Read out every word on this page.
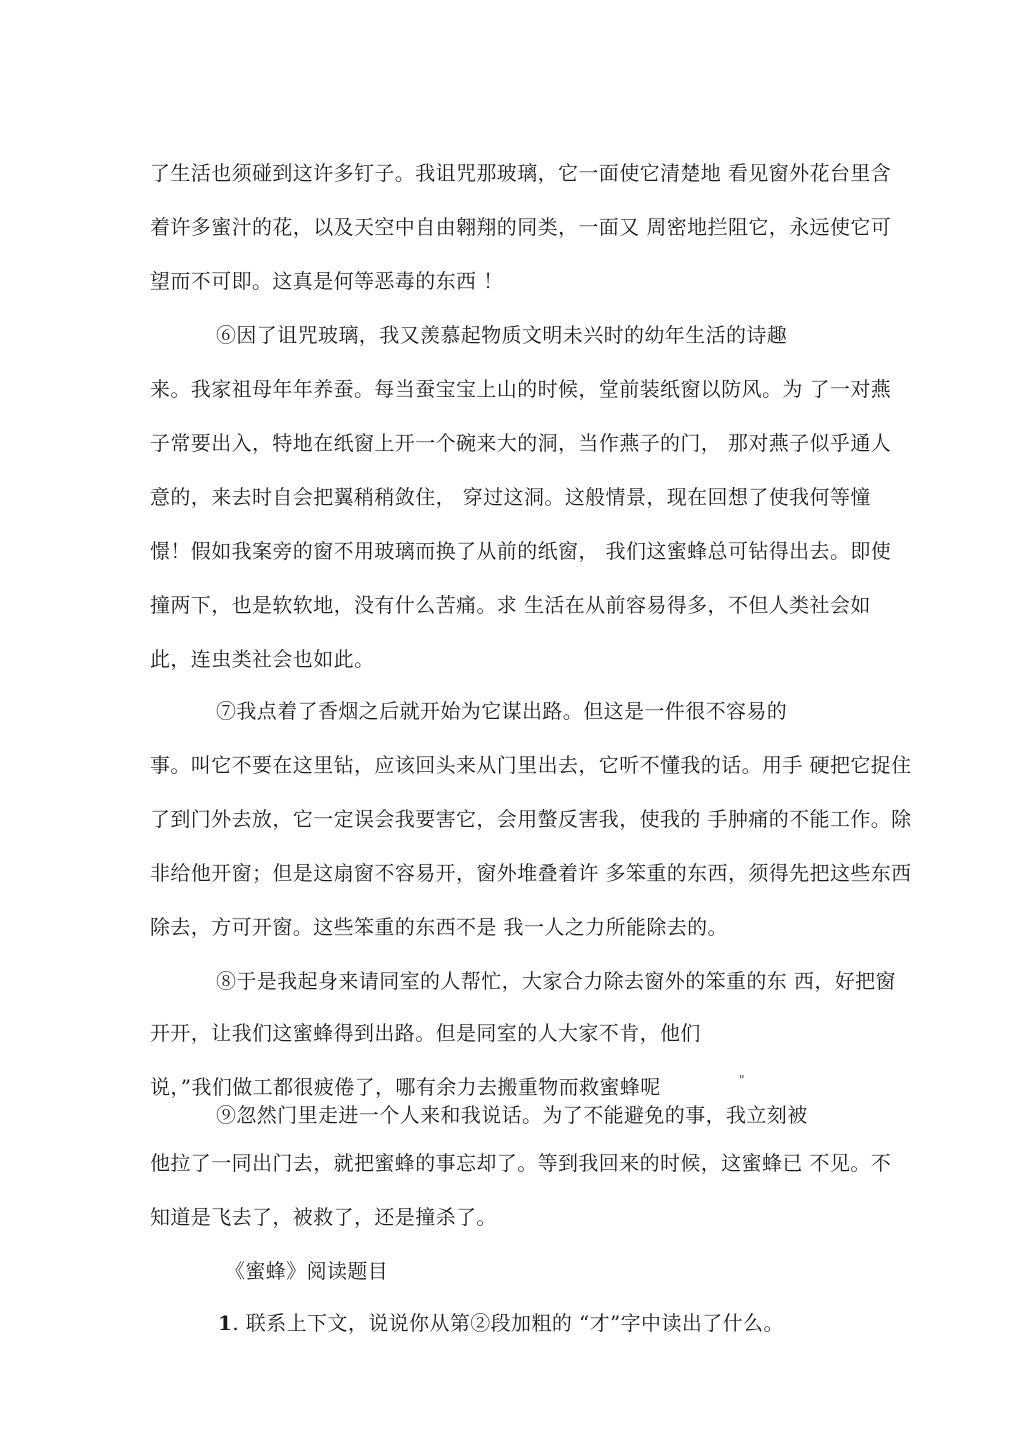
了生活也须碰到这许多钉子。我诅咒那玻璃，它一面使它清楚地 看见窗外花台里含
着许多蜜汁的花，以及天空中自由翱翔的同类，一面又 周密地拦阻它，永远使它可
望而不可即。这真是何等恶毒的东西 ！
⑥因了诅咒玻璃，我又羡慕起物质文明未兴时的幼年生活的诗趣
来。我家祖母年年养蚕。每当蚕宝宝上山的时候，堂前装纸窗以防风。为 了一对燕
子常要出入，特地在纸窗上开一个碗来大的洞，当作燕子的门， 那对燕子似乎通人
意的，来去时自会把翼稍稍敛住， 穿过这洞。这般情景，现在回想了使我何等憧
憬！假如我案旁的窗不用玻璃而换了从前的纸窗， 我们这蜜蜂总可钻得出去。即使
撞两下，也是软软地，没有什么苦痛。求 生活在从前容易得多，不但人类社会如
此，连虫类社会也如此。
⑦我点着了香烟之后就开始为它谋出路。但这是一件很不容易的
事。叫它不要在这里钻，应该回头来从门里出去，它听不懂我的话。用手 硬把它捉住
了到门外去放，它一定误会我要害它，会用螫反害我，使我的 手肿痛的不能工作。除
非给他开窗；但是这扇窗不容易开，窗外堆叠着许 多笨重的东西，须得先把这些东西
除去，方可开窗。这些笨重的东西不是 我一人之力所能除去的。
⑧于是我起身来请同室的人帮忙，大家合力除去窗外的笨重的东 西，好把窗
开开，让我们这蜜蜂得到出路。但是同室的人大家不肯，他们
说，”我们做工都很疲倦了，哪有余力去搬重物而救蜜蜂呢	"
⑨忽然门里走进一个人来和我说话。为了不能避免的事，我立刻被
他拉了一同出门去，就把蜜蜂的事忘却了。等到我回来的时候，这蜜蜂已 不见。不
知道是飞去了，被救了，还是撞杀了。
《蜜蜂》阅读题目
1. 联系上下文，说说你从第②段加粗的 “才”字中读出了什么。
